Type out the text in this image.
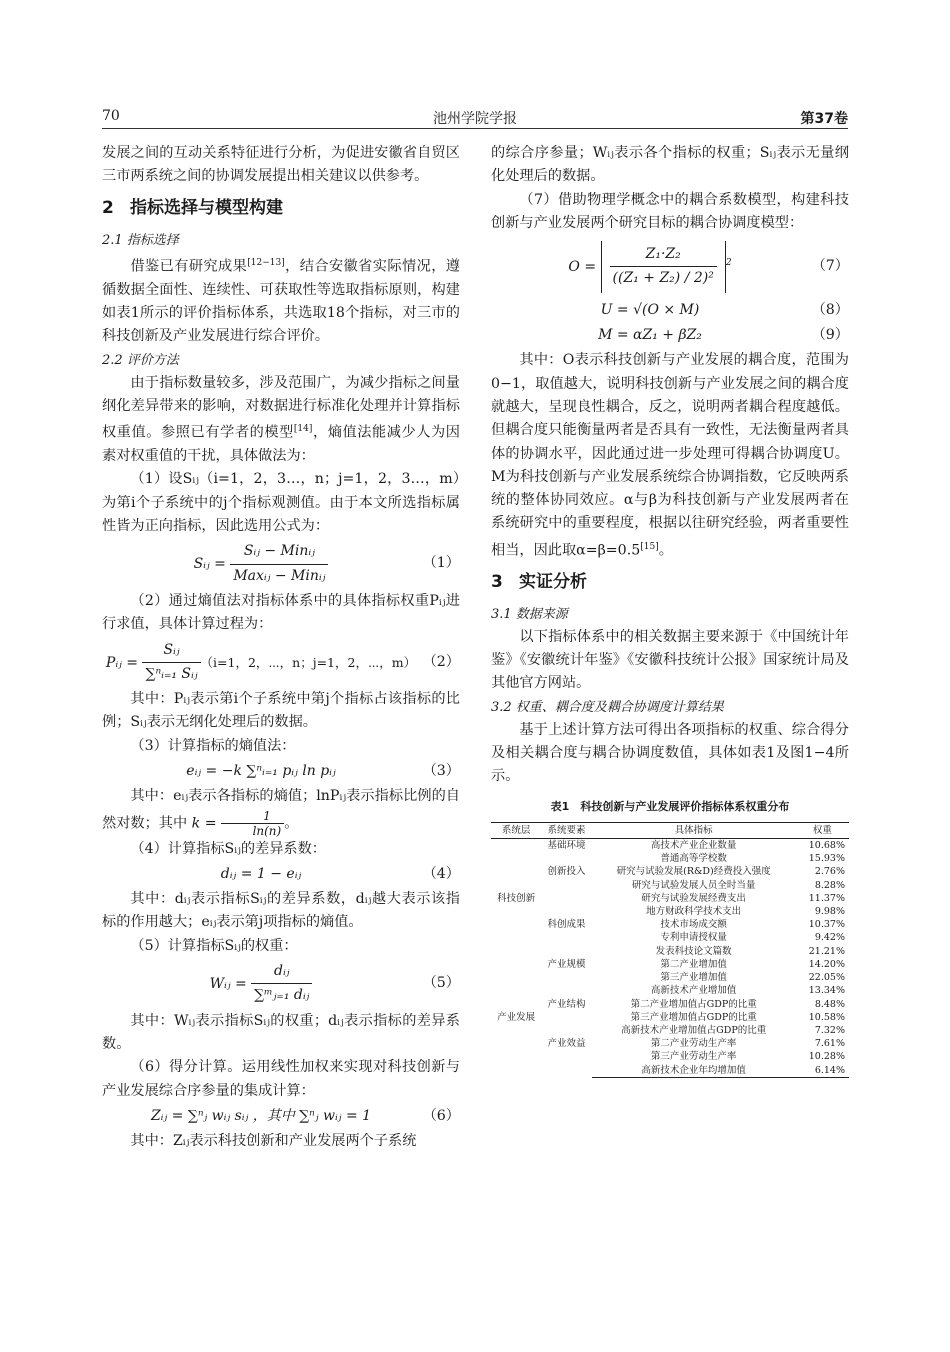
70	池州学院学报	第37卷

发展之间的互动关系特征进行分析，为促进安徽省自贸区三市两系统之间的协调发展提出相关建议以供参考。

2 指标选择与模型构建
2.1 指标选择

借鉴已有研究成果[12−13]，结合安徽省实际情况，遵循数据全面性、连续性、可获取性等选取指标原则，构建如表1所示的评价指标体系，共选取18个指标，对三市的科技创新及产业发展进行综合评价。

2.2 评价方法

由于指标数量较多，涉及范围广，为减少指标之间量纲化差异带来的影响，对数据进行标准化处理并计算指标权重值。参照已有学者的模型[14]，熵值法能减少人为因素对权重值的干扰，具体做法为：

（1）设Sᵢⱼ（i=1，2，3…，n；j=1，2，3…，m）为第i个子系统中的j个指标观测值。由于本文所选指标属性皆为正向指标，因此选用公式为：

Sᵢⱼ = $\frac{\text{Sᵢⱼ − Minᵢⱼ}}{\text{Maxᵢⱼ − Minᵢⱼ}}$	（1）

（2）通过熵值法对指标体系中的具体指标权重Pᵢⱼ进行求值，具体计算过程为：

Pᵢⱼ = $\frac{\text{Sᵢⱼ}}{\text{∑ⁿᵢ₌₁ Sᵢⱼ}} (i=1$，2，⋯，n；j=1，2，⋯，m） （2）

其中：Pᵢⱼ表示第i个子系统中第j个指标占该指标的比例；Sᵢⱼ表示无纲化处理后的数据。

（3）计算指标的熵值法：

eᵢⱼ = −k ∑ⁿᵢ₌₁ pᵢⱼ ln pᵢⱼ	（3）

其中：eᵢⱼ表示各指标的熵值；lnPᵢⱼ表示指标比例的自然对数；其中 $k = \frac{1}{\ln(n)}$ 。

（4）计算指标Sᵢⱼ的差异系数：

dᵢⱼ = 1 − eᵢⱼ	（4）

其中：dᵢⱼ表示指标Sᵢⱼ的差异系数，dᵢⱼ越大表示该指标的作用越大；eᵢⱼ表示第j项指标的熵值。

（5）计算指标Sᵢⱼ的权重：

Wᵢⱼ = $\frac{\text{dᵢⱼ}}{\text{∑ᵐⱼ₌₁ dᵢⱼ}}$	（5）

其中：Wᵢⱼ表示指标Sᵢⱼ的权重；dᵢⱼ表示指标的差异系数。

（6）得分计算。运用线性加权来实现对科技创新与产业发展综合序参量的集成计算：

Zᵢⱼ = ∑ⁿⱼ wᵢⱼ sᵢⱼ ，其中 ∑ⁿⱼ wᵢⱼ = 1	（6）

其中：Zᵢⱼ表示科技创新和产业发展两个子系统

的综合序参量；Wᵢⱼ表示各个指标的权重；Sᵢⱼ表示无量纲化处理后的数据。

（7）借助物理学概念中的耦合系数模型，构建科技创新与产业发展两个研究目标的耦合协调度模型：

$O = \frac{\text{Z₁·Z₂}}{\text{((Z₁ + Z₂) / 2)²}} ^2$	（7）
U = √(O × M)	（8）
M = αZ₁ + βZ₂	（9）

其中：O表示科技创新与产业发展的耦合度，范围为0−1，取值越大，说明科技创新与产业发展之间的耦合度就越大，呈现良性耦合，反之，说明两者耦合程度越低。但耦合度只能衡量两者是否具有一致性，无法衡量两者具体的协调水平，因此通过进一步处理可得耦合协调度U。M为科技创新与产业发展系统综合协调指数，它反映两系统的整体协同效应。α与β为科技创新与产业发展两者在系统研究中的重要程度，根据以往研究经验，两者重要性相当，因此取α=β=0.5[15]。

3 实证分析
3.1 数据来源

以下指标体系中的相关数据主要来源于《中国统计年鉴》《安徽统计年鉴》《安徽科技统计公报》国家统计局及其他官方网站。

3.2 权重、耦合度及耦合协调度计算结果

基于上述计算方法可得出各项指标的权重、综合得分及相关耦合度与耦合协调度数值，具体如表1及图1−4所示。

表1　科技创新与产业发展评价指标体系权重分布
系统层	系统要素	具体指标	权重
科技创新	基础环境	高技术产业企业数量	10.68%
		普通高等学校数	15.93%
	创新投入	研究与试验发展(R&D)经费投入强度	2.76%
		研究与试验发展人员全时当量	8.28%
		研究与试验发展经费支出	11.37%
		地方财政科学技术支出	9.98%
	科创成果	技术市场成交额	10.37%
		专利申请授权量	9.42%
		发表科技论文篇数	21.21%
产业发展	产业规模	第二产业增加值	14.20%
		第三产业增加值	22.05%
		高新技术产业增加值	13.34%
	产业结构	第二产业增加值占GDP的比重	8.48%
		第三产业增加值占GDP的比重	10.58%
		高新技术产业增加值占GDP的比重	7.32%
	产业效益	第二产业劳动生产率	7.61%
		第三产业劳动生产率	10.28%
		高新技术企业年均增加值	6.14%
